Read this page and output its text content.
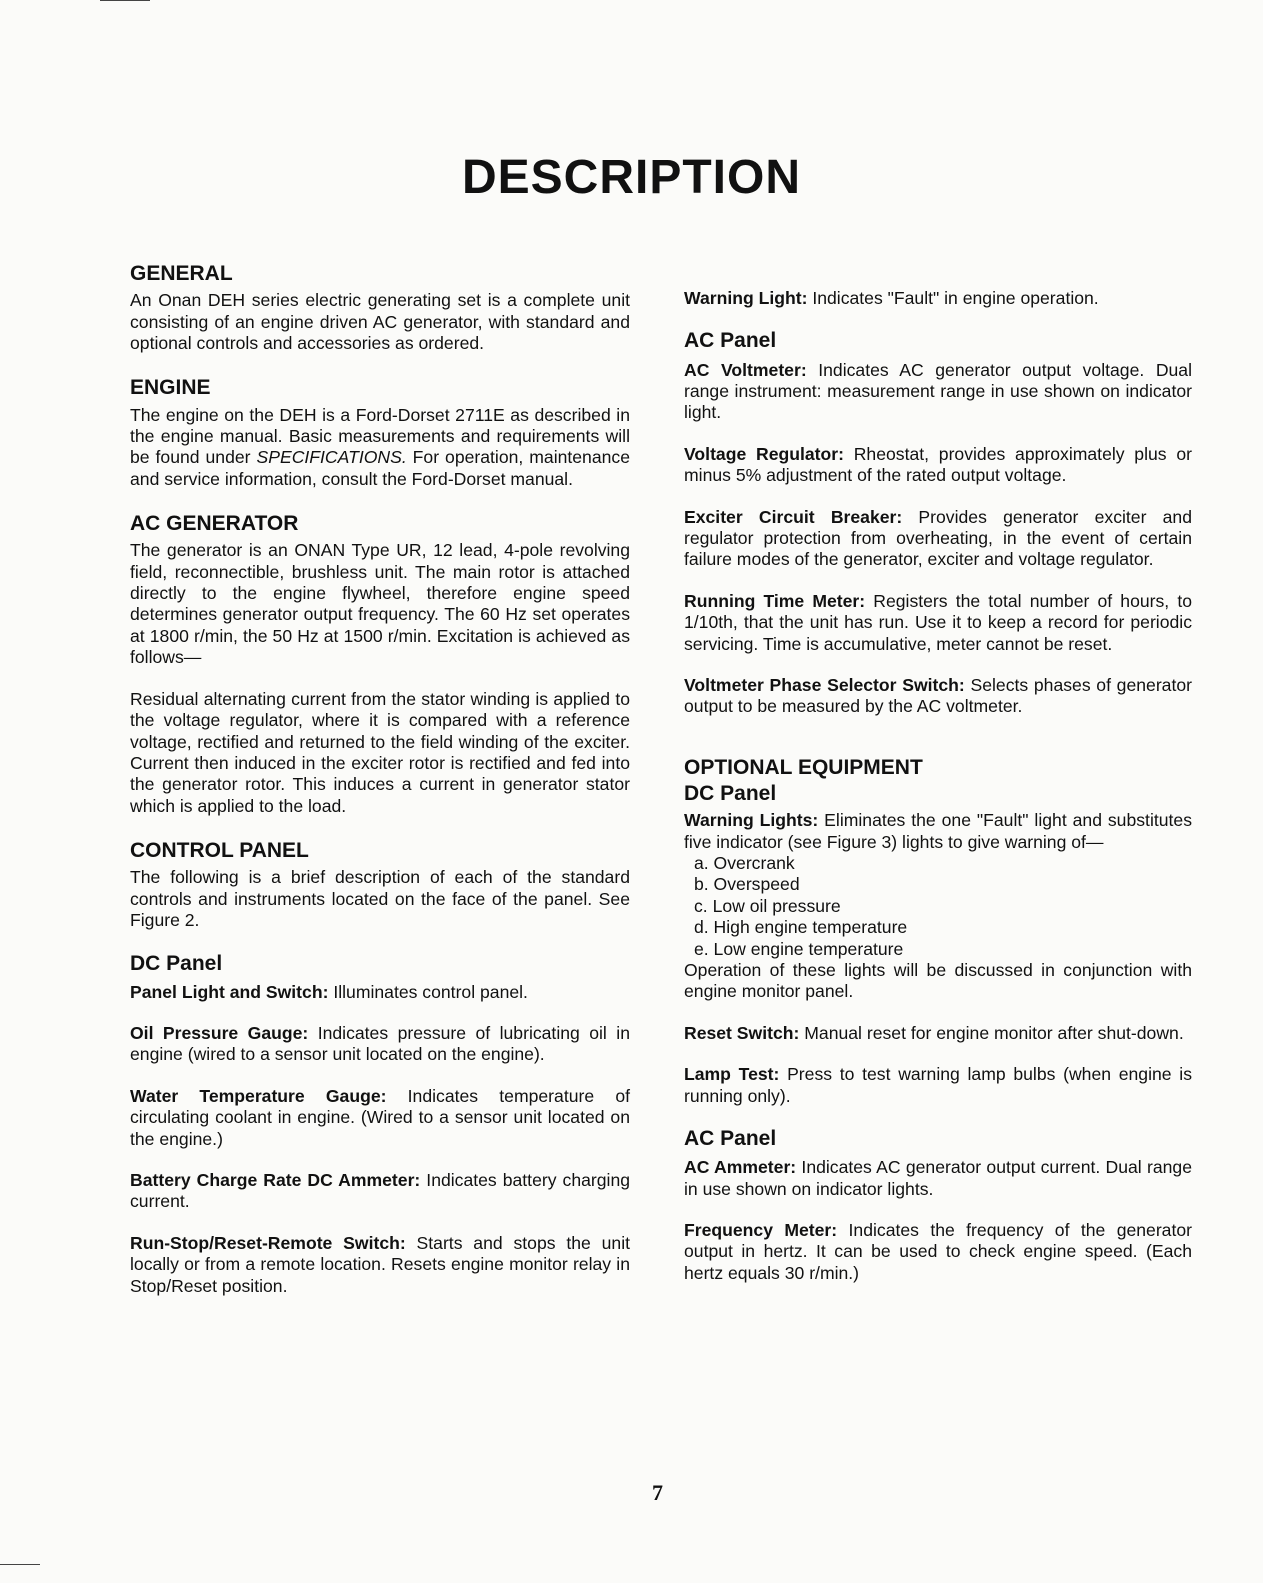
DESCRIPTION
GENERAL

An Onan DEH series electric generating set is a complete unit consisting of an engine driven AC generator, with standard and optional controls and accessories as ordered.

ENGINE

The engine on the DEH is a Ford-Dorset 2711E as described in the engine manual. Basic measurements and requirements will be found under SPECIFICATIONS. For operation, maintenance and service information, consult the Ford-Dorset manual.

AC GENERATOR

The generator is an ONAN Type UR, 12 lead, 4-pole revolving field, reconnectible, brushless unit. The main rotor is attached directly to the engine flywheel, therefore engine speed determines generator output frequency. The 60 Hz set operates at 1800 r/min, the 50 Hz at 1500 r/min. Excitation is achieved as follows—

Residual alternating current from the stator winding is applied to the voltage regulator, where it is compared with a reference voltage, rectified and returned to the field winding of the exciter. Current then induced in the exciter rotor is rectified and fed into the generator rotor. This induces a current in generator stator which is applied to the load.

CONTROL PANEL

The following is a brief description of each of the standard controls and instruments located on the face of the panel. See Figure 2.

DC Panel

Panel Light and Switch: Illuminates control panel.

Oil Pressure Gauge: Indicates pressure of lubricating oil in engine (wired to a sensor unit located on the engine).

Water Temperature Gauge: Indicates temperature of circulating coolant in engine. (Wired to a sensor unit located on the engine.)

Battery Charge Rate DC Ammeter: Indicates battery charging current.

Run-Stop/Reset-Remote Switch: Starts and stops the unit locally or from a remote location. Resets engine monitor relay in Stop/Reset position.

Warning Light: Indicates "Fault" in engine operation.

AC Panel

AC Voltmeter: Indicates AC generator output voltage. Dual range instrument: measurement range in use shown on indicator light.

Voltage Regulator: Rheostat, provides approximately plus or minus 5% adjustment of the rated output voltage.

Exciter Circuit Breaker: Provides generator exciter and regulator protection from overheating, in the event of certain failure modes of the generator, exciter and voltage regulator.

Running Time Meter: Registers the total number of hours, to 1/10th, that the unit has run. Use it to keep a record for periodic servicing. Time is accumulative, meter cannot be reset.

Voltmeter Phase Selector Switch: Selects phases of generator output to be measured by the AC voltmeter.

OPTIONAL EQUIPMENT
DC Panel

Warning Lights: Eliminates the one "Fault" light and substitutes five indicator (see Figure 3) lights to give warning of—

a. Overcrank
b. Overspeed
c. Low oil pressure
d. High engine temperature
e. Low engine temperature

Operation of these lights will be discussed in conjunction with engine monitor panel.

Reset Switch: Manual reset for engine monitor after shut-down.

Lamp Test: Press to test warning lamp bulbs (when engine is running only).

AC Panel

AC Ammeter: Indicates AC generator output current. Dual range in use shown on indicator lights.

Frequency Meter: Indicates the frequency of the generator output in hertz. It can be used to check engine speed. (Each hertz equals 30 r/min.)

7
